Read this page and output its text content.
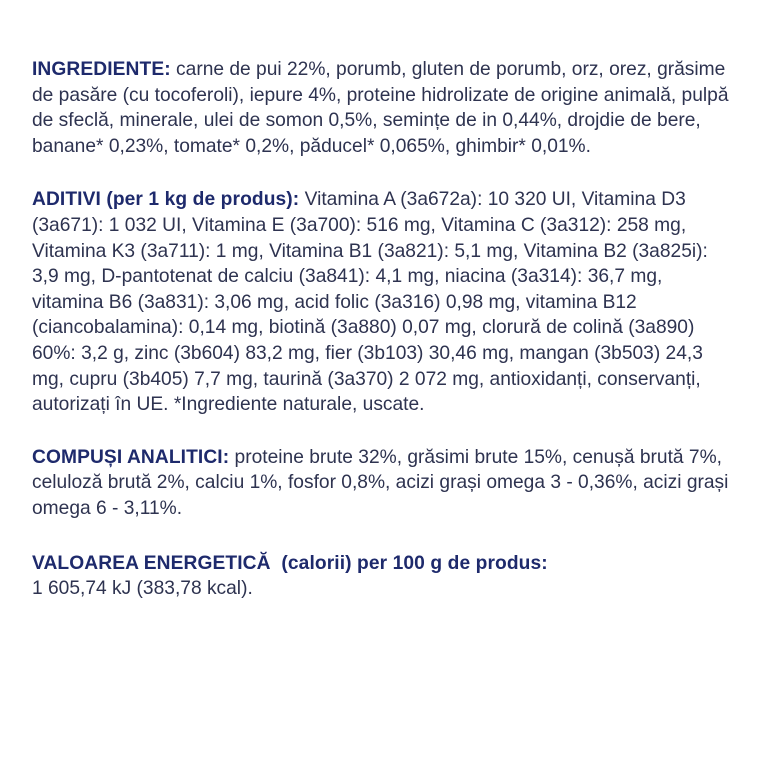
INGREDIENTE: carne de pui 22%, porumb, gluten de porumb, orz, orez, grăsime de pasăre (cu tocoferoli), iepure 4%, proteine hidrolizate de origine animală, pulpă de sfeclă, minerale, ulei de somon 0,5%, semințe de in 0,44%, drojdie de bere, banane* 0,23%, tomate* 0,2%, păducel* 0,065%, ghimbir* 0,01%.

ADITIVI (per 1 kg de produs): Vitamina A (3a672a): 10 320 UI, Vitamina D3 (3a671): 1 032 UI, Vitamina E (3a700): 516 mg, Vitamina C (3a312): 258 mg, Vitamina K3 (3a711): 1 mg, Vitamina B1 (3a821): 5,1 mg, Vitamina B2 (3a825i): 3,9 mg, D-pantotenat de calciu (3a841): 4,1 mg, niacina (3a314): 36,7 mg, vitamina B6 (3a831): 3,06 mg, acid folic (3a316) 0,98 mg, vitamina B12 (ciancobalamina): 0,14 mg, biotină (3a880) 0,07 mg, clorură de colină (3a890) 60%: 3,2 g, zinc (3b604) 83,2 mg, fier (3b103) 30,46 mg, mangan (3b503) 24,3 mg, cupru (3b405) 7,7 mg, taurină (3a370) 2 072 mg, antioxidanți, conservanți, autorizați în UE. *Ingrediente naturale, uscate.

COMPUȘI ANALITICI: proteine brute 32%, grăsimi brute 15%, cenușă brută 7%, celuloză brută 2%, calciu 1%, fosfor 0,8%, acizi grași omega 3 - 0,36%, acizi grași omega 6 - 3,11%.

VALOAREA ENERGETICĂ  (calorii) per 100 g de produs:
1 605,74 kJ (383,78 kcal).
